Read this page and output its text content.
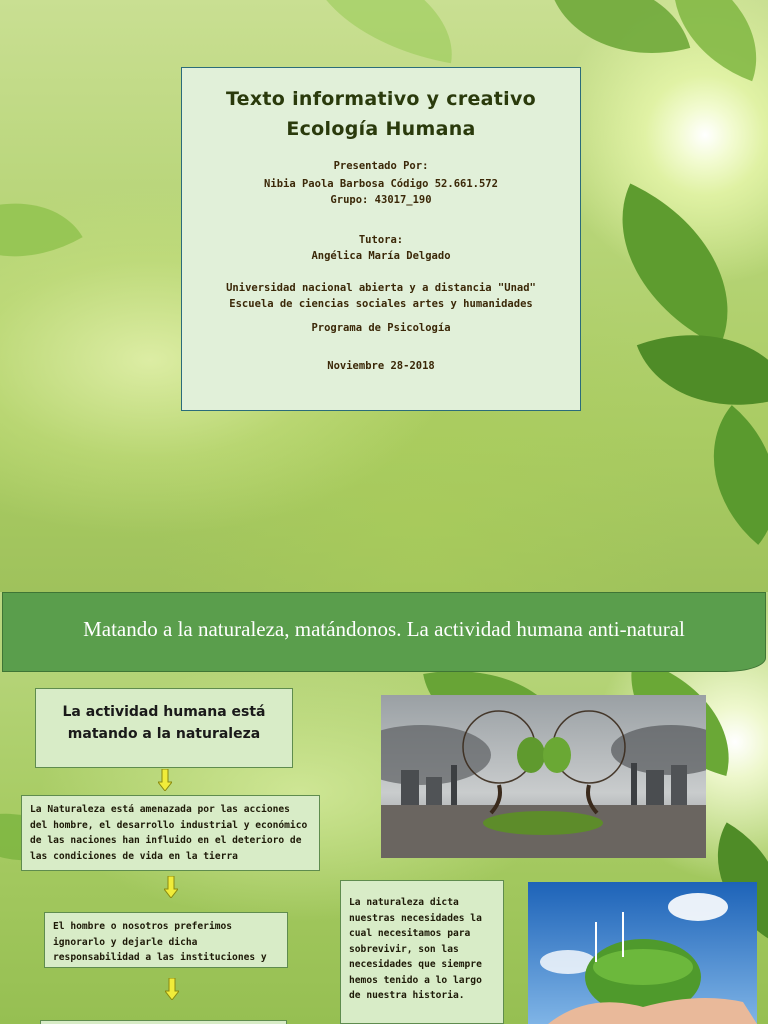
Texto informativo y creativo
Ecología Humana
Presentado Por:
Nibia Paola Barbosa Código 52.661.572
Grupo: 43017_190
Tutora:
Angélica María Delgado
Universidad nacional abierta y a distancia "Unad"
Escuela de ciencias sociales artes y humanidades
Programa de Psicología
Noviembre 28-2018
Matando a la naturaleza, matándonos. La actividad humana anti-natural
La actividad humana está matando a la naturaleza
La Naturaleza está amenazada por las acciones del hombre, el desarrollo industrial y económico de las naciones han influido en el deterioro de las condiciones de vida en la tierra
El hombre o nosotros preferimos ignorarlo y dejarle dicha responsabilidad a las instituciones y
La naturaleza dicta nuestras necesidades la cual necesitamos para sobrevivir, son las necesidades que siempre hemos tenido a lo largo de nuestra historia.
